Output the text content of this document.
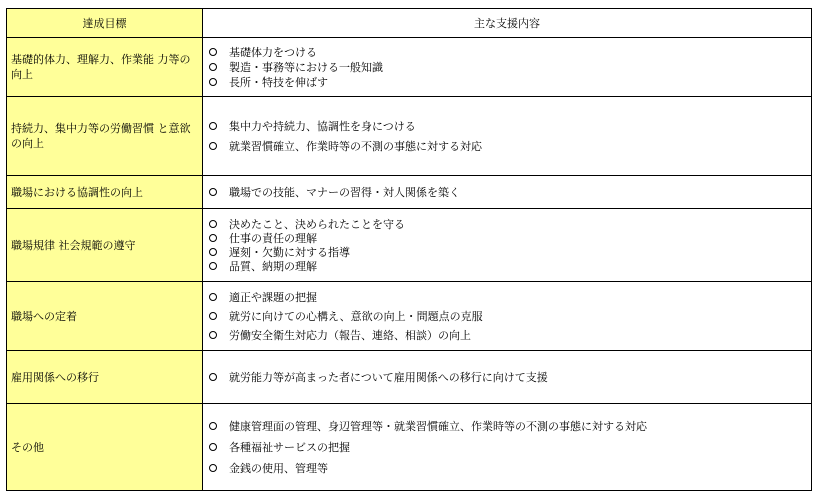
達成目標	主な支援内容
基礎的体力、理解力、作業能 力等の向上	基礎体力をつける
製造・事務等における一般知識
長所・特技を伸ばす

持続力、集中力等の労働習慣 と意欲の向上	集中力や持続力、協調性を身につける
就業習慣確立、作業時等の不測の事態に対する対応

職場における協調性の向上	職場での技能、マナーの習得・対人関係を築く

職場規律 社会規範の遵守	決めたこと、決められたことを守る
仕事の責任の理解
遅刻・欠勤に対する指導
品質、納期の理解

職場への定着	適正や課題の把握
就労に向けての心構え、意欲の向上・問題点の克服
労働安全衛生対応力（報告、連絡、相談）の向上

雇用関係への移行	就労能力等が高まった者について雇用関係への移行に向けて支援

その他	健康管理面の管理、身辺管理等・就業習慣確立、作業時等の不測の事態に対する対応
各種福祉サービスの把握
金銭の使用、管理等
